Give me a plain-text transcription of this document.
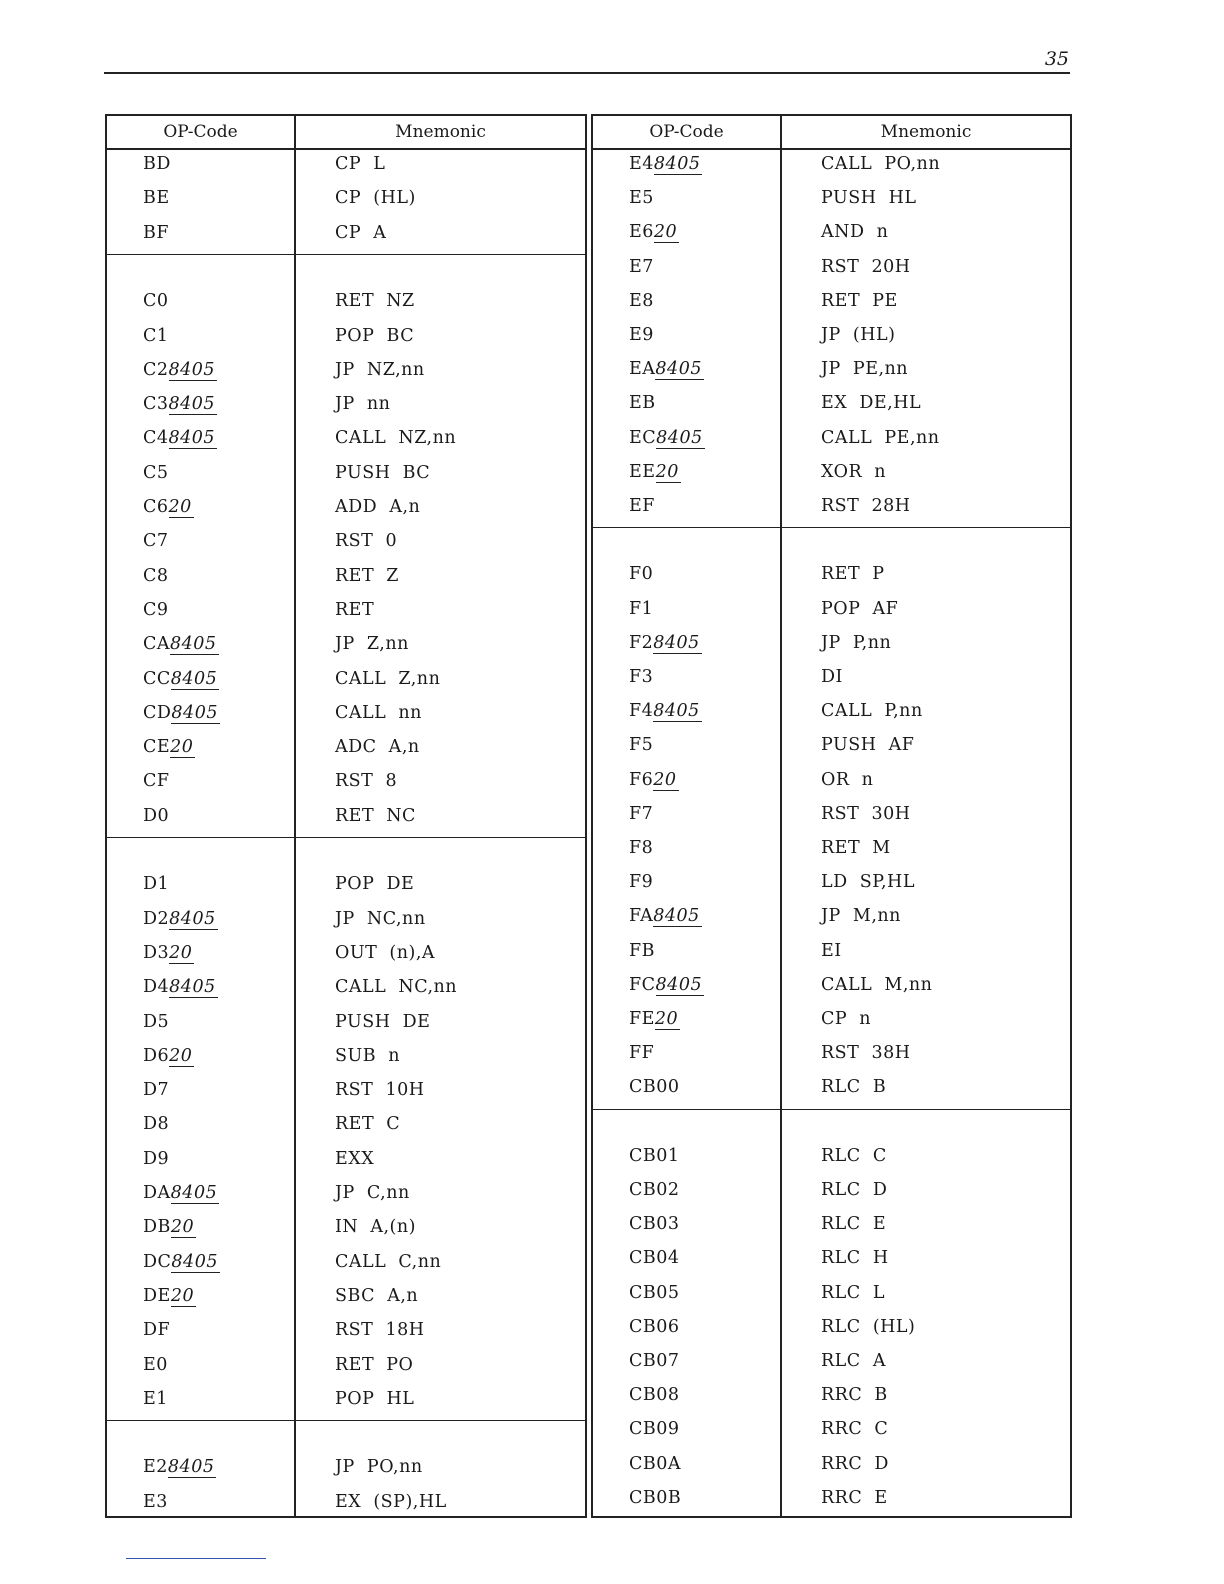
35
OP-Code	Mnemonic
BD	CP  L
BE	CP  (HL)
BF	CP  A
C0	RET  NZ
C1	POP  BC
C28405	JP  NZ,nn
C38405	JP  nn
C48405	CALL  NZ,nn
C5	PUSH  BC
C620	ADD  A,n
C7	RST  0
C8	RET  Z
C9	RET
CA8405	JP  Z,nn
CC8405	CALL  Z,nn
CD8405	CALL  nn
CE20	ADC  A,n
CF	RST  8
D0	RET  NC
D1	POP  DE
D28405	JP  NC,nn
D320	OUT  (n),A
D48405	CALL  NC,nn
D5	PUSH  DE
D620	SUB  n
D7	RST  10H
D8	RET  C
D9	EXX
DA8405	JP  C,nn
DB20	IN  A,(n)
DC8405	CALL  C,nn
DE20	SBC  A,n
DF	RST  18H
E0	RET  PO
E1	POP  HL
E28405	JP  PO,nn
E3	EX  (SP),HL
OP-Code	Mnemonic
E48405	CALL  PO,nn
E5	PUSH  HL
E620	AND  n
E7	RST  20H
E8	RET  PE
E9	JP  (HL)
EA8405	JP  PE,nn
EB	EX  DE,HL
EC8405	CALL  PE,nn
EE20	XOR  n
EF	RST  28H
F0	RET  P
F1	POP  AF
F28405	JP  P,nn
F3	DI
F48405	CALL  P,nn
F5	PUSH  AF
F620	OR  n
F7	RST  30H
F8	RET  M
F9	LD  SP,HL
FA8405	JP  M,nn
FB	EI
FC8405	CALL  M,nn
FE20	CP  n
FF	RST  38H
CB00	RLC  B
CB01	RLC  C
CB02	RLC  D
CB03	RLC  E
CB04	RLC  H
CB05	RLC  L
CB06	RLC  (HL)
CB07	RLC  A
CB08	RRC  B
CB09	RRC  C
CB0A	RRC  D
CB0B	RRC  E
